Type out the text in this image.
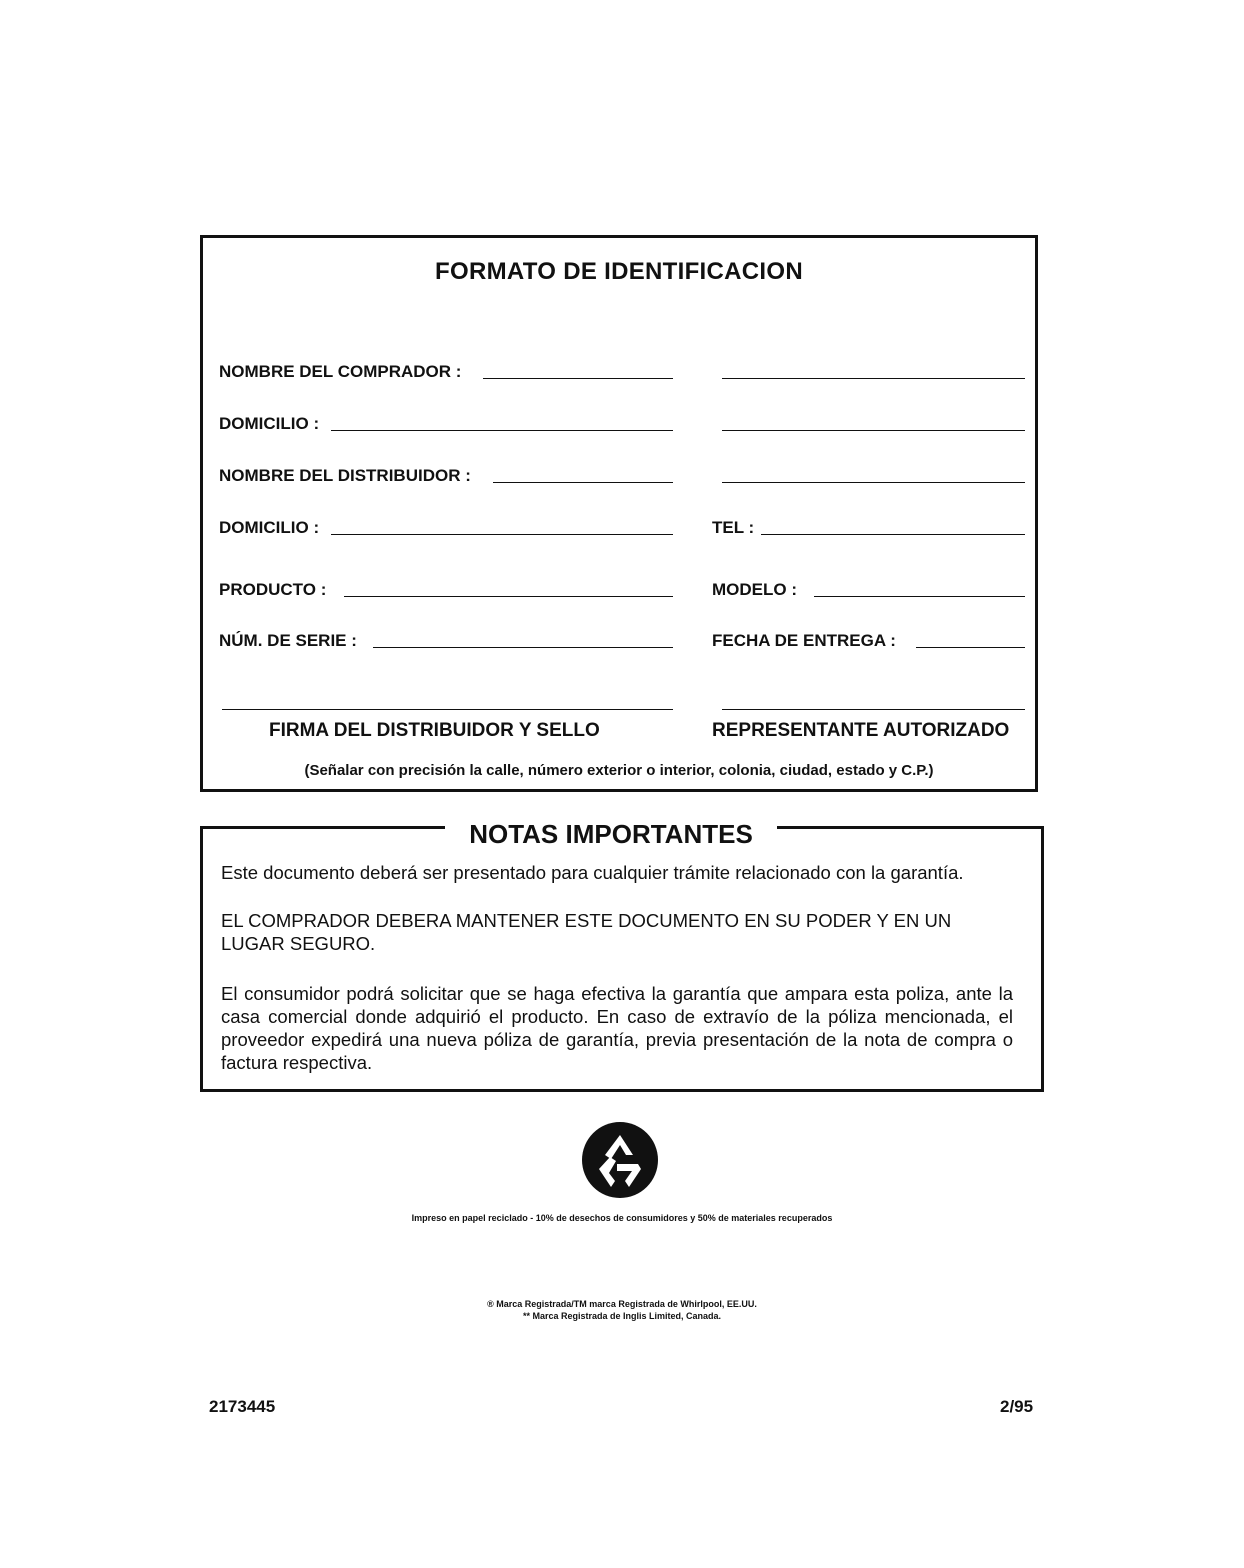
FORMATO DE IDENTIFICACION
NOMBRE DEL COMPRADOR :
DOMICILIO :
NOMBRE DEL DISTRIBUIDOR :
DOMICILIO :	TEL :
PRODUCTO :	MODELO :
NÚM. DE SERIE :	FECHA DE ENTREGA :
FIRMA DEL DISTRIBUIDOR Y SELLO	REPRESENTANTE AUTORIZADO
(Señalar con precisión la calle, número exterior o interior, colonia, ciudad, estado y C.P.)
NOTAS IMPORTANTES
Este documento deberá ser presentado para cualquier trámite relacionado con la garantía.
EL COMPRADOR DEBERA MANTENER ESTE DOCUMENTO EN SU PODER Y EN UN LUGAR SEGURO.
El consumidor podrá solicitar que se haga efectiva la garantía que ampara esta poliza, ante la casa comercial donde adquirió el producto. En caso de extravío de la póliza mencionada, el proveedor expedirá una nueva póliza de garantía, previa presentación de la nota de compra o factura respectiva.
Impreso en papel reciclado - 10% de desechos de consumidores y 50% de materiales recuperados
® Marca Registrada/TM marca Registrada de Whirlpool, EE.UU.
** Marca Registrada de Inglis Limited, Canada.
2173445	2/95
